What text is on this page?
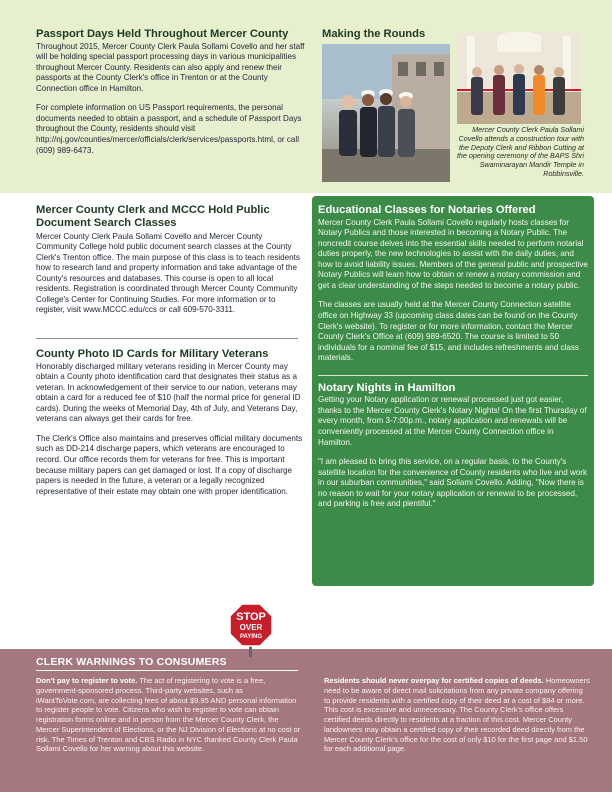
Passport Days Held Throughout Mercer County

Throughout 2015, Mercer County Clerk Paula Sollami Covello and her staff will be holding special passport processing days in various municipalities throughout Mercer County. Residents can also apply and renew their passports at the County Clerk's office in Trenton or at the County Connection office in Hamilton.

For complete information on US Passport requirements, the personal documents needed to obtain a passport, and a schedule of Passport Days throughout the County, residents should visit http://nj.gov/counties/mercer/officials/clerk/services/passports.html, or call (609) 989-6473.

Making the Rounds

Mercer County Clerk Paula Sollami Covello attends a construction tour with the Deputy Clerk and Ribbon Cutting at the opening ceremony of the BAPS Shri Swaminarayan Mandir Temple in Robbinsville.

Mercer County Clerk and MCCC Hold Public Document Search Classes

Mercer County Clerk Paula Sollami Covello and Mercer County Community College hold public document search classes at the County Clerk's Trenton office. The main purpose of this class is to teach residents how to research land and property information and take advantage of the County's resources and databases. This course is open to all local residents. Registration is coordinated through Mercer County Community College's Center for Continuing Studies. For more information or to register, visit www.MCCC.edu/ccs or call 609-570-3311.

County Photo ID Cards for Military Veterans

Honorably discharged military veterans residing in Mercer County may obtain a County photo identification card that designates their status as a veteran. In acknowledgement of their service to our nation, veterans may obtain a card for a reduced fee of $10 (half the normal price for general ID cards). During the weeks of Memorial Day, 4th of July, and Veterans Day, veterans can always get their cards for free.

The Clerk's Office also maintains and preserves official military documents such as DD-214 discharge papers, which veterans are encouraged to record. Our office records them for veterans for free. This is important because military papers can get damaged or lost. If a copy of discharge papers is needed in the future, a veteran or a legally recognized representative of their estate may obtain one with proper identification.

Educational Classes for Notaries Offered

Mercer County Clerk Paula Sollami Covello regularly hosts classes for Notary Publics and those interested in becoming a Notary Public. The noncredit course delves into the essential skills needed to perform notarial duties properly, the new technologies to assist with the daily duties, and how to avoid liability issues. Members of the general public and prospective Notary Publics will learn how to obtain or renew a notary commission and get a clear understanding of the steps needed to become a notary public.

The classes are usually held at the Mercer County Connection satellite office on Highway 33 (upcoming class dates can be found on the County Clerk's website). To register or for more information, contact the Mercer County Clerk's Office at (609) 989-6520. The course is limited to 50 individuals for a nominal fee of $15, and includes refreshments and class materials.

Notary Nights in Hamilton

Getting your Notary application or renewal processed just got easier, thanks to the Mercer County Clerk's Notary Nights! On the first Thursday of every month, from 3-7:00p.m., notary application and renewals will be conveniently processed at the Mercer County Connection office in Hamilton.

"I am pleased to bring this service, on a regular basis, to the County's satellite location for the convenience of County residents who live and work in our suburban communities," said Sollami Covello. Adding, "Now there is no reason to wait for your notary application or renewal to be processed, and parking is free and plentiful."

STOP
OVER
PAYING
CLERK WARNINGS TO CONSUMERS

Don't pay to register to vote. The act of registering to vote is a free, government-sponsored process. Third-party websites, such as iWantToVote.com, are collecting fees of about $9.95 AND personal information to register people to vote. Citizens who wish to register to vote can obtain registration forms online and in person from the Mercer County Clerk, the Mercer Superintendent of Elections, or the NJ Division of Elections at no cost or risk. The Times of Trenton and CBS Radio in NYC thanked County Clerk Paula Sollami Covello for her warning about this website.

Residents should never overpay for certified copies of deeds. Homeowners need to be aware of direct mail solicitations from any private company offering to provide residents with a certified copy of their deed at a cost of $84 or more. This cost is excessive and unnecessary. The County Clerk's office offers certified deeds directly to residents at a fraction of this cost. Mercer County landowners may obtain a certified copy of their recorded deed directly from the Mercer County Clerk's office for the cost of only $10 for the first page and $1.50 for each additional page.
